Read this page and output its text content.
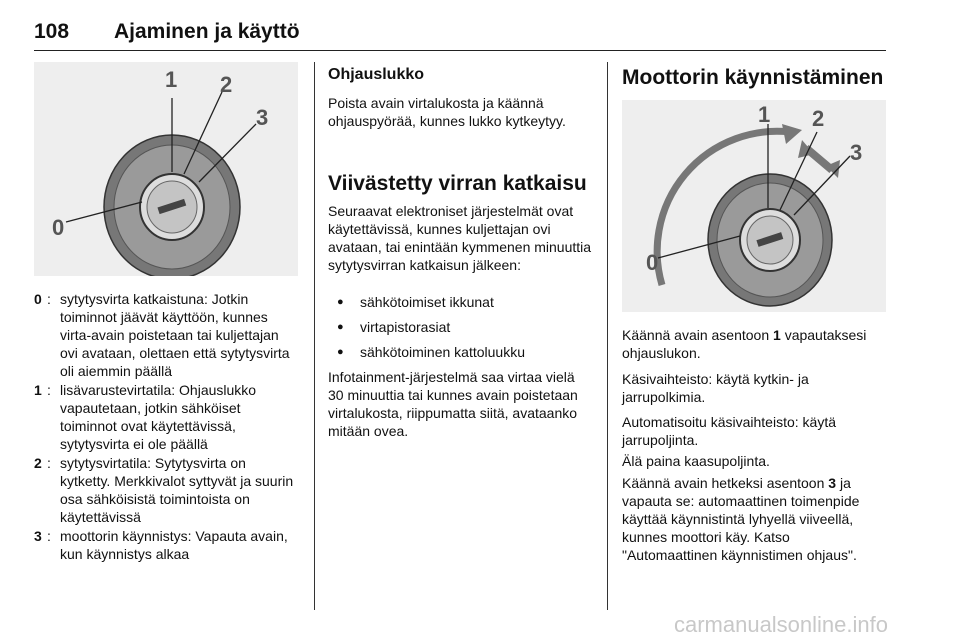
108 Ajaminen ja käyttö
1 2
3
0
0 : sytytysvirta katkaistuna: Jotkin toiminnot jäävät käyttöön, kunnes virta-avain poistetaan tai kuljettajan ovi avataan, olettaen että sytytysvirta oli aiemmin päällä
1 : lisävarustevirtatila: Ohjauslukko vapautetaan, jotkin sähköiset toiminnot ovat käytettävissä, sytytysvirta ei ole päällä
2 : sytytysvirtatila: Sytytysvirta on kytketty. Merkkivalot syttyvät ja suurin osa sähköisistä toimintoista on käytettävissä
3 : moottorin käynnistys: Vapauta avain, kun käynnistys alkaa
Ohjauslukko

Poista avain virtalukosta ja käännä ohjauspyörää, kunnes lukko kytkeytyy.

Viivästetty virran katkaisu

Seuraavat elektroniset järjestelmät ovat käytettävissä, kunnes kuljettajan ovi avataan, tai enintään kymmenen minuuttia sytytysvirran katkaisun jälkeen:

● sähkötoimiset ikkunat
● virtapistorasiat
● sähkötoiminen kattoluukku

Infotainment-järjestelmä saa virtaa vielä 30 minuuttia tai kunnes avain poistetaan virtalukosta, riippumatta siitä, avataanko mitään ovea.

Moottorin käynnistäminen
1 2
3
0

Käännä avain asentoon 1 vapautaksesi ohjauslukon.

Käsivaihteisto: käytä kytkin- ja jarrupolkimia.

Automatisoitu käsivaihteisto: käytä jarrupoljinta.

Älä paina kaasupoljinta.

Käännä avain hetkeksi asentoon 3 ja vapauta se: automaattinen toimenpide käyttää käynnistintä lyhyellä viiveellä, kunnes moottori käy. Katso "Automaattinen käynnistimen ohjaus".

carmanualsonline.info
